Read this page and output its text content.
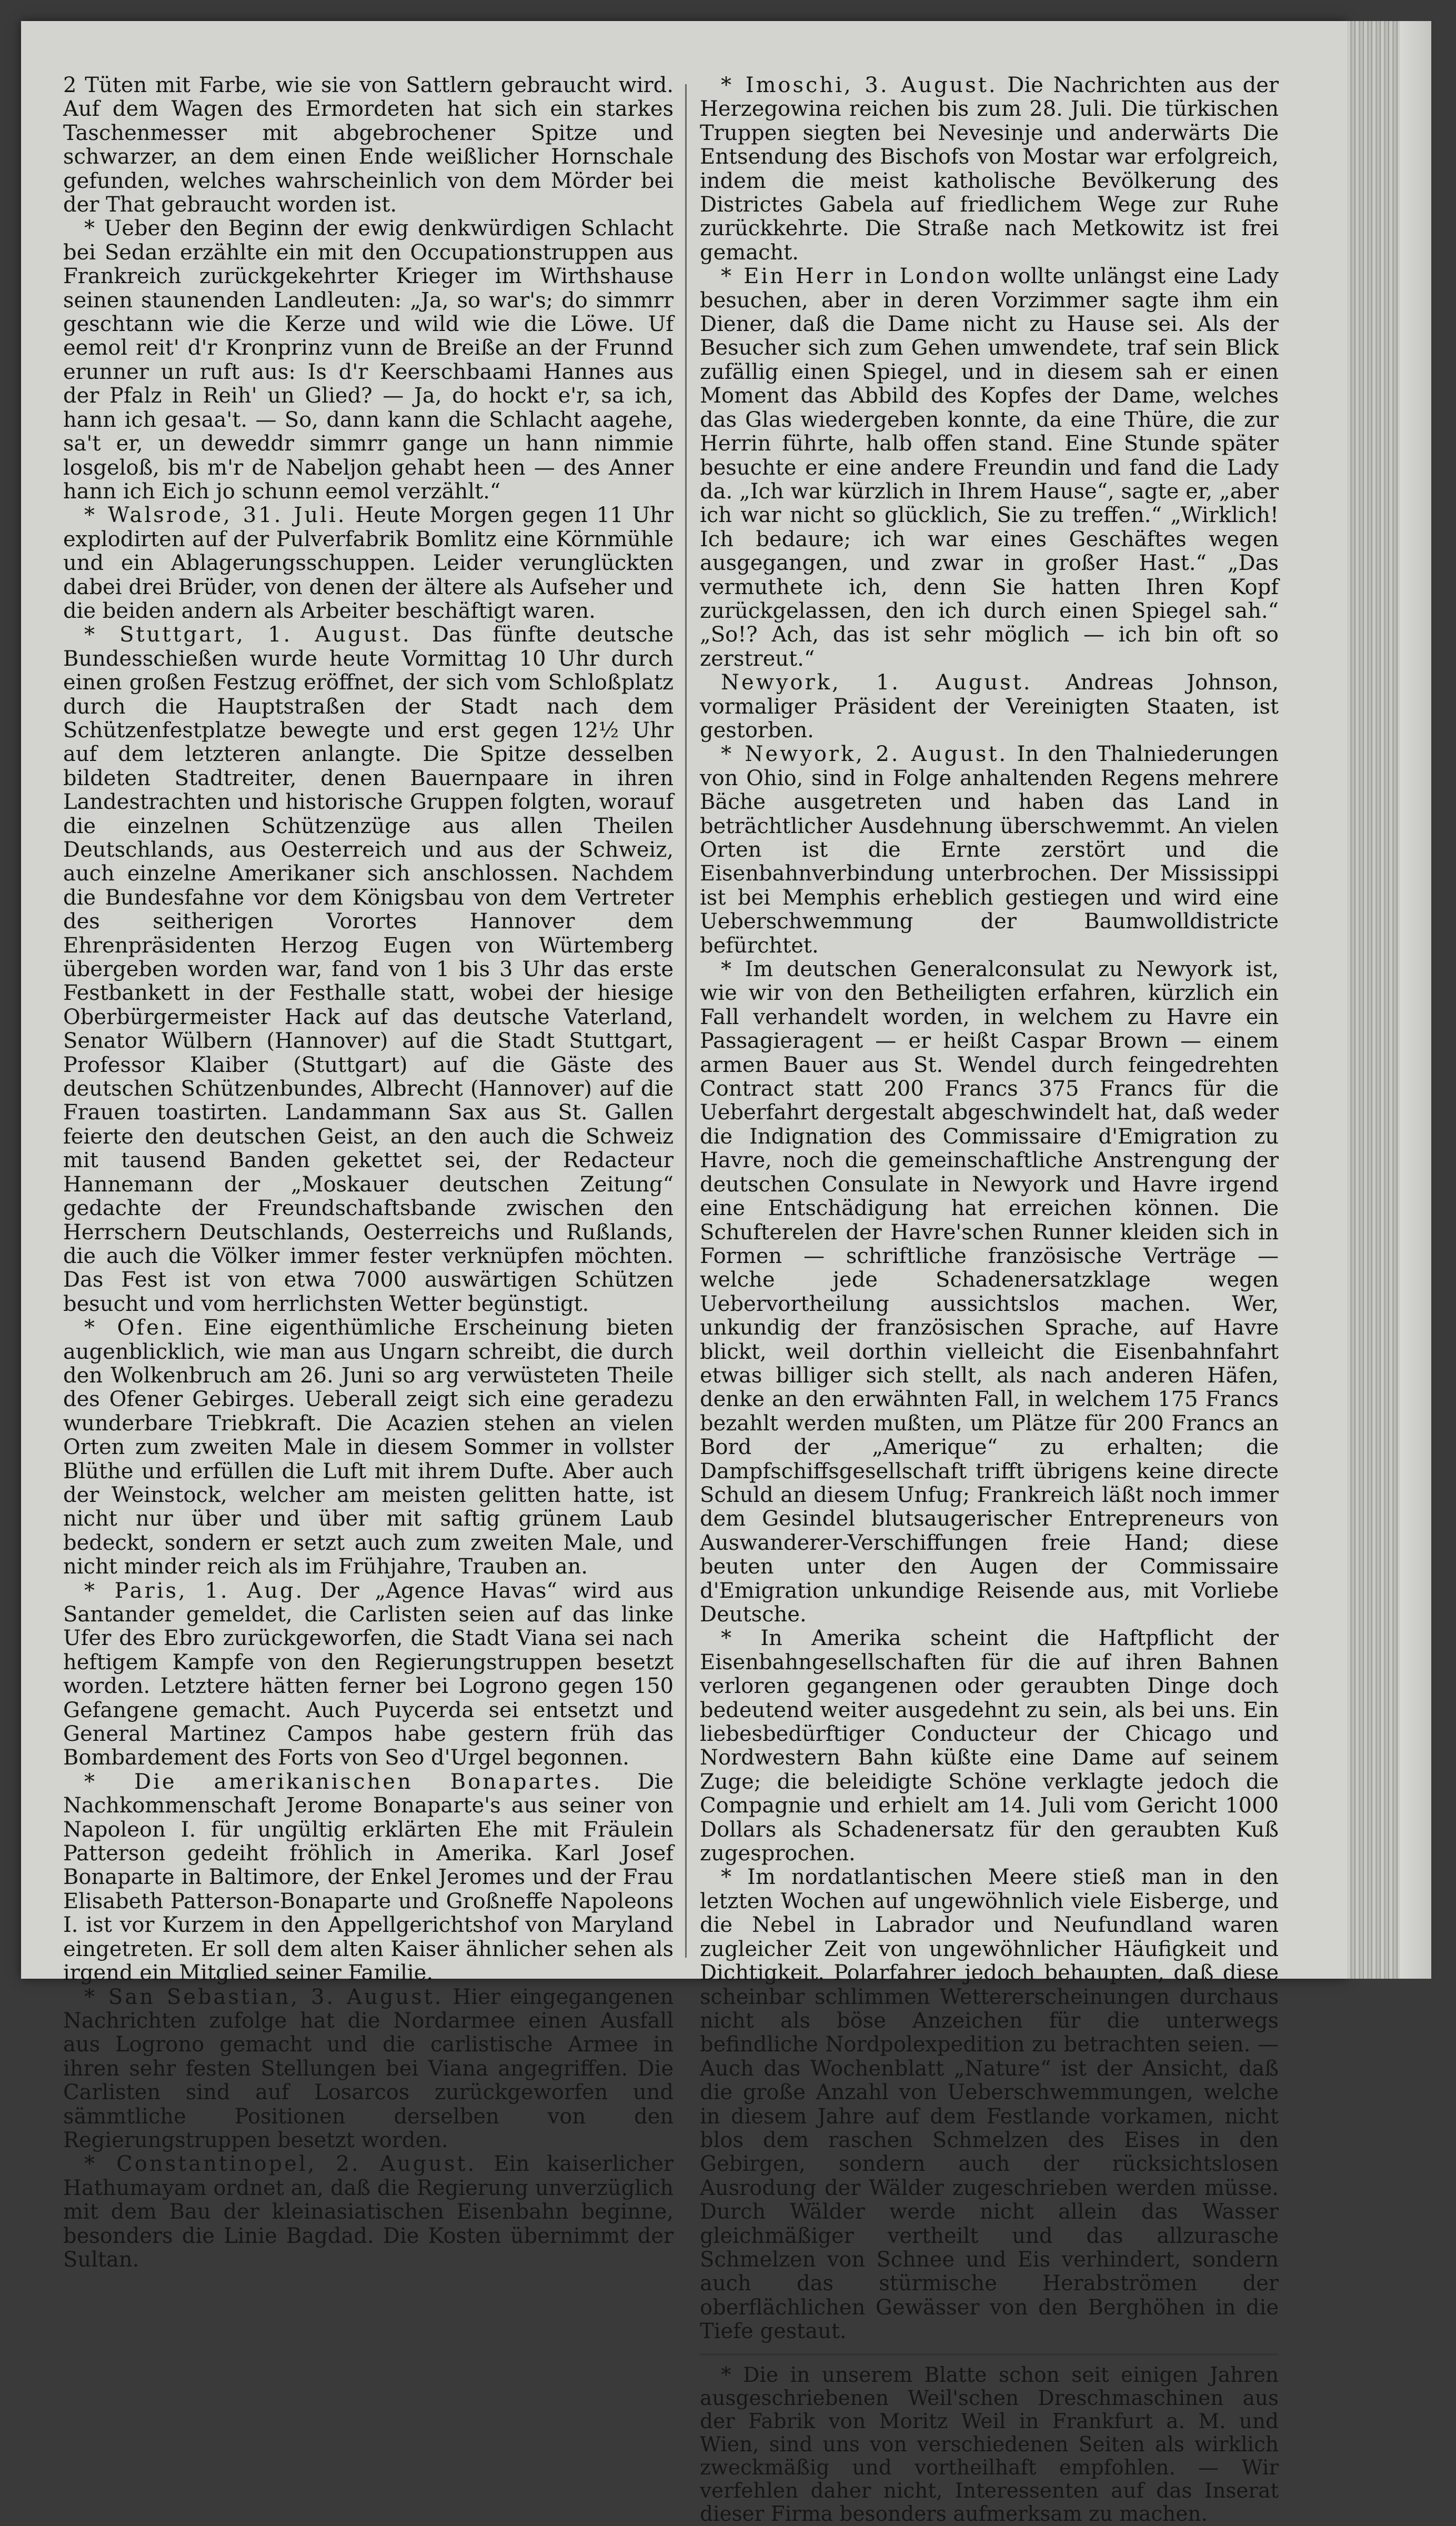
2 Tüten mit Farbe, wie sie von Sattlern gebraucht wird. Auf dem Wagen des Ermordeten hat sich ein starkes Taschenmesser mit abgebrochener Spitze und schwarzer, an dem einen Ende weißlicher Hornschale gefunden, welches wahrscheinlich von dem Mörder bei der That gebraucht worden ist.

* Ueber den Beginn der ewig denkwürdigen Schlacht bei Sedan erzählte ein mit den Occupationstruppen aus Frankreich zurückgekehrter Krieger im Wirthshause seinen staunenden Landleuten: „Ja, so war's; do simmrr geschtann wie die Kerze und wild wie die Löwe. Uf eemol reit' d'r Kronprinz vunn de Breiße an der Frunnd erunner un ruft aus: Is d'r Keerschbaami Hannes aus der Pfalz in Reih' un Glied? — Ja, do hockt e'r, sa ich, hann ich gesaa't. — So, dann kann die Schlacht aagehe, sa't er, un deweddr simmrr gange un hann nimmie losgeloß, bis m'r de Nabeljon gehabt heen — des Anner hann ich Eich jo schunn eemol verzählt.“

* Walsrode, 31. Juli. Heute Morgen gegen 11 Uhr explodirten auf der Pulverfabrik Bomlitz eine Körnmühle und ein Ablagerungsschuppen. Leider verunglückten dabei drei Brüder, von denen der ältere als Aufseher und die beiden andern als Arbeiter beschäftigt waren.

* Stuttgart, 1. August. Das fünfte deutsche Bundesschießen wurde heute Vormittag 10 Uhr durch einen großen Festzug eröffnet, der sich vom Schloßplatz durch die Hauptstraßen der Stadt nach dem Schützenfestplatze bewegte und erst gegen 12½ Uhr auf dem letzteren anlangte. Die Spitze desselben bildeten Stadtreiter, denen Bauernpaare in ihren Landestrachten und historische Gruppen folgten, worauf die einzelnen Schützenzüge aus allen Theilen Deutschlands, aus Oesterreich und aus der Schweiz, auch einzelne Amerikaner sich anschlossen. Nachdem die Bundesfahne vor dem Königsbau von dem Vertreter des seitherigen Vorortes Hannover dem Ehrenpräsidenten Herzog Eugen von Würtemberg übergeben worden war, fand von 1 bis 3 Uhr das erste Festbankett in der Festhalle statt, wobei der hiesige Oberbürgermeister Hack auf das deutsche Vaterland, Senator Wülbern (Hannover) auf die Stadt Stuttgart, Professor Klaiber (Stuttgart) auf die Gäste des deutschen Schützenbundes, Albrecht (Hannover) auf die Frauen toastirten. Landammann Sax aus St. Gallen feierte den deutschen Geist, an den auch die Schweiz mit tausend Banden gekettet sei, der Redacteur Hannemann der „Moskauer deutschen Zeitung“ gedachte der Freundschaftsbande zwischen den Herrschern Deutschlands, Oesterreichs und Rußlands, die auch die Völker immer fester verknüpfen möchten. Das Fest ist von etwa 7000 auswärtigen Schützen besucht und vom herrlichsten Wetter begünstigt.

* Ofen. Eine eigenthümliche Erscheinung bieten augenblicklich, wie man aus Ungarn schreibt, die durch den Wolkenbruch am 26. Juni so arg verwüsteten Theile des Ofener Gebirges. Ueberall zeigt sich eine geradezu wunderbare Triebkraft. Die Acazien stehen an vielen Orten zum zweiten Male in diesem Sommer in vollster Blüthe und erfüllen die Luft mit ihrem Dufte. Aber auch der Weinstock, welcher am meisten gelitten hatte, ist nicht nur über und über mit saftig grünem Laub bedeckt, sondern er setzt auch zum zweiten Male, und nicht minder reich als im Frühjahre, Trauben an.

* Paris, 1. Aug. Der „Agence Havas“ wird aus Santander gemeldet, die Carlisten seien auf das linke Ufer des Ebro zurückgeworfen, die Stadt Viana sei nach heftigem Kampfe von den Regierungstruppen besetzt worden. Letztere hätten ferner bei Logrono gegen 150 Gefangene gemacht. Auch Puycerda sei entsetzt und General Martinez Campos habe gestern früh das Bombardement des Forts von Seo d'Urgel begonnen.

* Die amerikanischen Bonapartes. Die Nachkommenschaft Jerome Bonaparte's aus seiner von Napoleon I. für ungültig erklärten Ehe mit Fräulein Patterson gedeiht fröhlich in Amerika. Karl Josef Bonaparte in Baltimore, der Enkel Jeromes und der Frau Elisabeth Patterson-Bonaparte und Großneffe Napoleons I. ist vor Kurzem in den Appellgerichtshof von Maryland eingetreten. Er soll dem alten Kaiser ähnlicher sehen als irgend ein Mitglied seiner Familie.

* San Sebastian, 3. August. Hier eingegangenen Nachrichten zufolge hat die Nordarmee einen Ausfall aus Logrono gemacht und die carlistische Armee in ihren sehr festen Stellungen bei Viana angegriffen. Die Carlisten sind auf Losarcos zurückgeworfen und sämmtliche Positionen derselben von den Regierungstruppen besetzt worden.

* Constantinopel, 2. August. Ein kaiserlicher Hathumayam ordnet an, daß die Regierung unverzüglich mit dem Bau der kleinasiatischen Eisenbahn beginne, besonders die Linie Bagdad. Die Kosten übernimmt der Sultan.

* Imoschi, 3. August. Die Nachrichten aus der Herzegowina reichen bis zum 28. Juli. Die türkischen Truppen siegten bei Nevesinje und anderwärts Die Entsendung des Bischofs von Mostar war erfolgreich, indem die meist katholische Bevölkerung des Districtes Gabela auf friedlichem Wege zur Ruhe zurückkehrte. Die Straße nach Metkowitz ist frei gemacht.

* Ein Herr in London wollte unlängst eine Lady besuchen, aber in deren Vorzimmer sagte ihm ein Diener, daß die Dame nicht zu Hause sei. Als der Besucher sich zum Gehen umwendete, traf sein Blick zufällig einen Spiegel, und in diesem sah er einen Moment das Abbild des Kopfes der Dame, welches das Glas wiedergeben konnte, da eine Thüre, die zur Herrin führte, halb offen stand. Eine Stunde später besuchte er eine andere Freundin und fand die Lady da. „Ich war kürzlich in Ihrem Hause“, sagte er, „aber ich war nicht so glücklich, Sie zu treffen.“ „Wirklich! Ich bedaure; ich war eines Geschäftes wegen ausgegangen, und zwar in großer Hast.“ „Das vermuthete ich, denn Sie hatten Ihren Kopf zurückgelassen, den ich durch einen Spiegel sah.“ „So!? Ach, das ist sehr möglich — ich bin oft so zerstreut.“

Newyork, 1. August. Andreas Johnson, vormaliger Präsident der Vereinigten Staaten, ist gestorben.

* Newyork, 2. August. In den Thalniederungen von Ohio, sind in Folge anhaltenden Regens mehrere Bäche ausgetreten und haben das Land in beträchtlicher Ausdehnung überschwemmt. An vielen Orten ist die Ernte zerstört und die Eisenbahnverbindung unterbrochen. Der Mississippi ist bei Memphis erheblich gestiegen und wird eine Ueberschwemmung der Baumwolldistricte befürchtet.

* Im deutschen Generalconsulat zu Newyork ist, wie wir von den Betheiligten erfahren, kürzlich ein Fall verhandelt worden, in welchem zu Havre ein Passagieragent — er heißt Caspar Brown — einem armen Bauer aus St. Wendel durch feingedrehten Contract statt 200 Francs 375 Francs für die Ueberfahrt dergestalt abgeschwindelt hat, daß weder die Indignation des Commissaire d'Emigration zu Havre, noch die gemeinschaftliche Anstrengung der deutschen Consulate in Newyork und Havre irgend eine Entschädigung hat erreichen können. Die Schufterelen der Havre'schen Runner kleiden sich in Formen — schriftliche französische Verträge — welche jede Schadenersatzklage wegen Uebervortheilung aussichtslos machen. Wer, unkundig der französischen Sprache, auf Havre blickt, weil dorthin vielleicht die Eisenbahnfahrt etwas billiger sich stellt, als nach anderen Häfen, denke an den erwähnten Fall, in welchem 175 Francs bezahlt werden mußten, um Plätze für 200 Francs an Bord der „Amerique“ zu erhalten; die Dampfschiffsgesellschaft trifft übrigens keine directe Schuld an diesem Unfug; Frankreich läßt noch immer dem Gesindel blutsaugerischer Entrepreneurs von Auswanderer-Verschiffungen freie Hand; diese beuten unter den Augen der Commissaire d'Emigration unkundige Reisende aus, mit Vorliebe Deutsche.

* In Amerika scheint die Haftpflicht der Eisenbahngesellschaften für die auf ihren Bahnen verloren gegangenen oder geraubten Dinge doch bedeutend weiter ausgedehnt zu sein, als bei uns. Ein liebesbedürftiger Conducteur der Chicago und Nordwestern Bahn küßte eine Dame auf seinem Zuge; die beleidigte Schöne verklagte jedoch die Compagnie und erhielt am 14. Juli vom Gericht 1000 Dollars als Schadenersatz für den geraubten Kuß zugesprochen.

* Im nordatlantischen Meere stieß man in den letzten Wochen auf ungewöhnlich viele Eisberge, und die Nebel in Labrador und Neufundland waren zugleicher Zeit von ungewöhnlicher Häufigkeit und Dichtigkeit. Polarfahrer jedoch behaupten, daß diese scheinbar schlimmen Wettererscheinungen durchaus nicht als böse Anzeichen für die unterwegs befindliche Nordpolexpedition zu betrachten seien. — Auch das Wochenblatt „Nature“ ist der Ansicht, daß die große Anzahl von Ueberschwemmungen, welche in diesem Jahre auf dem Festlande vorkamen, nicht blos dem raschen Schmelzen des Eises in den Gebirgen, sondern auch der rücksichtslosen Ausrodung der Wälder zugeschrieben werden müsse. Durch Wälder werde nicht allein das Wasser gleichmäßiger vertheilt und das allzurasche Schmelzen von Schnee und Eis verhindert, sondern auch das stürmische Herabströmen der oberflächlichen Gewässer von den Berghöhen in die Tiefe gestaut.

* Die in unserem Blatte schon seit einigen Jahren ausgeschriebenen Weil'schen Dreschmaschinen aus der Fabrik von Moritz Weil in Frankfurt a. M. und Wien, sind uns von verschiedenen Seiten als wirklich zweckmäßig und vortheilhaft empfohlen. — Wir verfehlen daher nicht, Interessenten auf das Inserat dieser Firma besonders aufmerksam zu machen.
